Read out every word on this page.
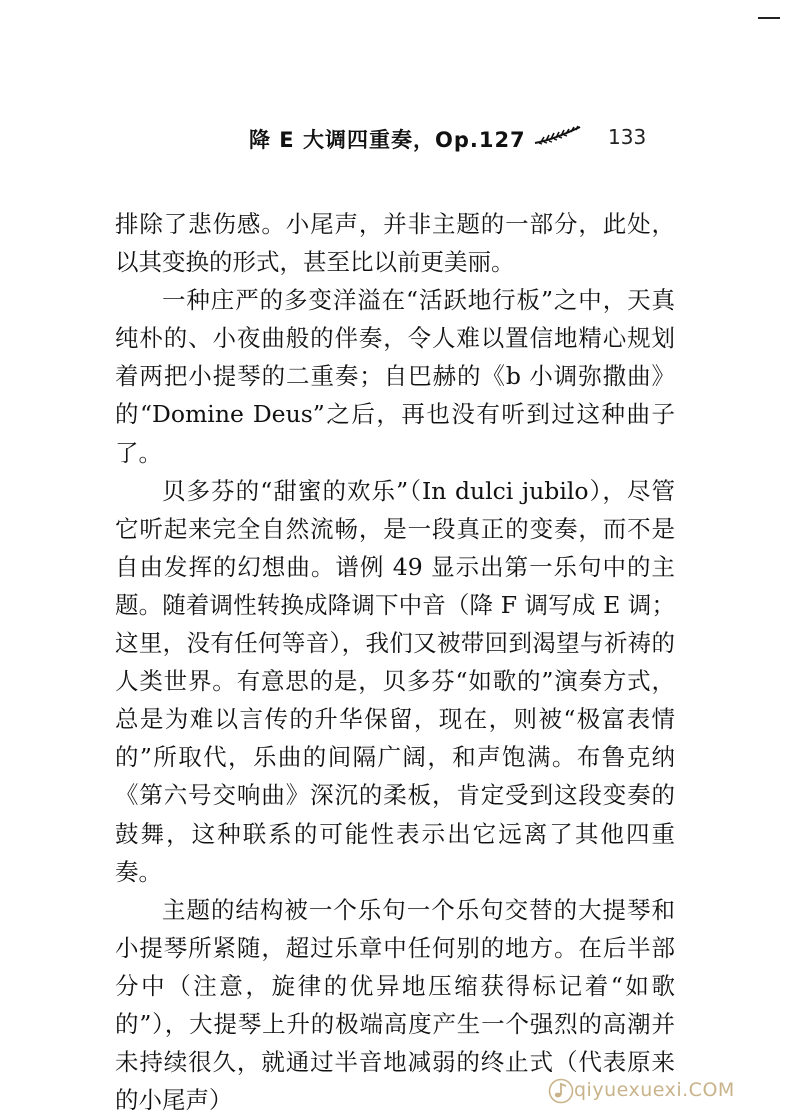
降 E 大调四重奏，Op.127	133

排除了悲伤感。小尾声，并非主题的一部分，此处，以其变换的形式，甚至比以前更美丽。

一种庄严的多变洋溢在“活跃地行板”之中，天真纯朴的、小夜曲般的伴奏，令人难以置信地精心规划着两把小提琴的二重奏；自巴赫的《b 小调弥撒曲》的“Domine Deus”之后，再也没有听到过这种曲子了。

贝多芬的“甜蜜的欢乐”（In dulci jubilo），尽管它听起来完全自然流畅，是一段真正的变奏，而不是自由发挥的幻想曲。谱例 49 显示出第一乐句中的主题。随着调性转换成降调下中音（降 F 调写成 E 调；这里，没有任何等音），我们又被带回到渴望与祈祷的人类世界。有意思的是，贝多芬“如歌的”演奏方式，总是为难以言传的升华保留，现在，则被“极富表情的”所取代，乐曲的间隔广阔，和声饱满。布鲁克纳《第六号交响曲》深沉的柔板，肯定受到这段变奏的鼓舞，这种联系的可能性表示出它远离了其他四重奏。

主题的结构被一个乐句一个乐句交替的大提琴和小提琴所紧随，超过乐章中任何别的地方。在后半部分中（注意，旋律的优异地压缩获得标记着“如歌的”），大提琴上升的极端高度产生一个强烈的高潮并未持续很久，就通过半音地减弱的终止式（代表原来的小尾声）	qiyuexuexi.COM
